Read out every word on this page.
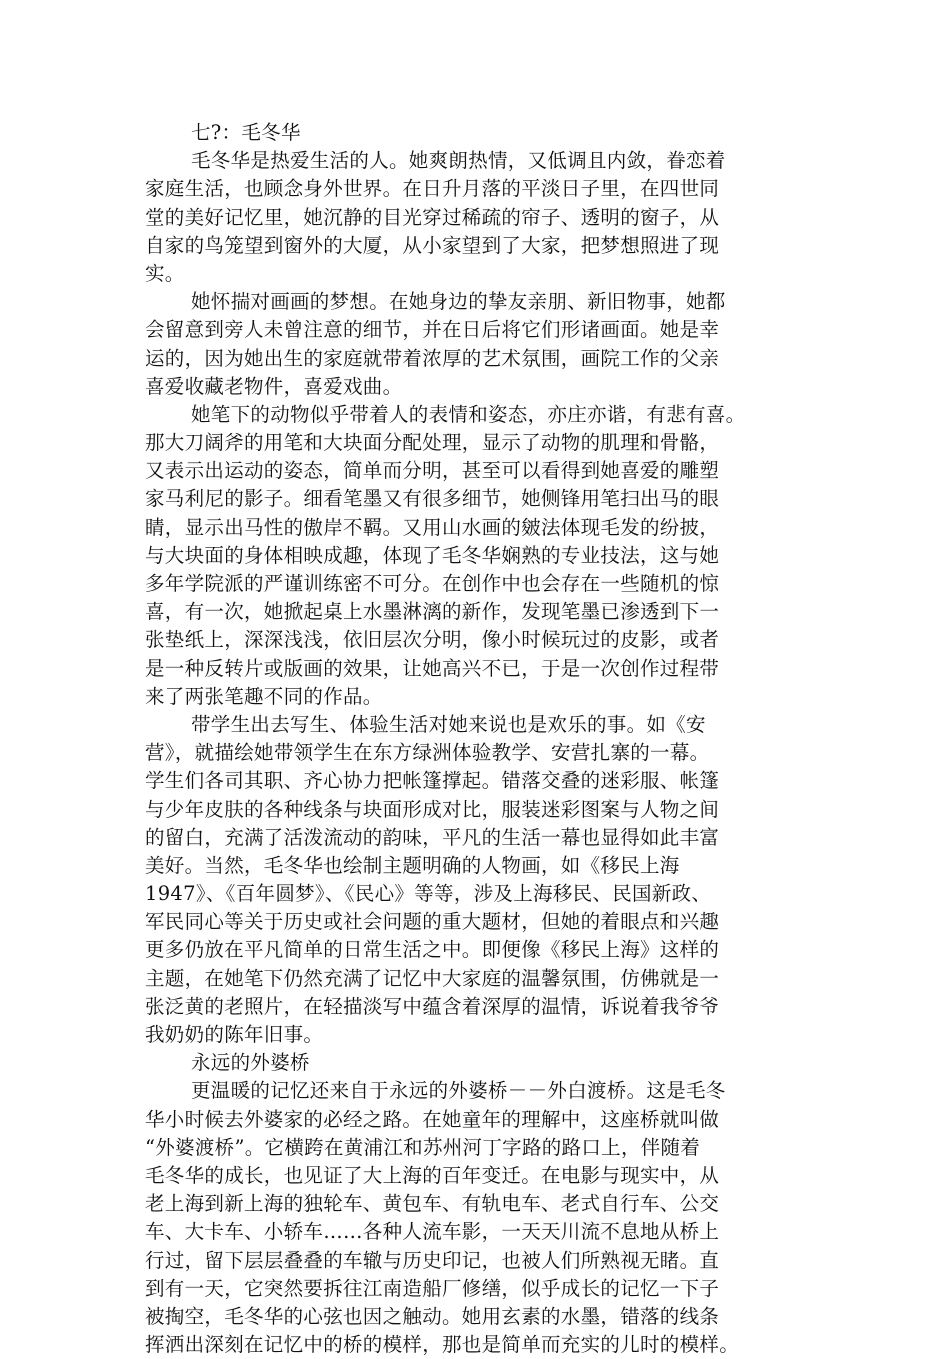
七?：毛冬华

毛冬华是热爱生活的人。她爽朗热情，又低调且内敛，眷恋着

家庭生活，也顾念身外世界。在日升月落的平淡日子里，在四世同

堂的美好记忆里，她沉静的目光穿过稀疏的帘子、透明的窗子，从

自家的鸟笼望到窗外的大厦，从小家望到了大家，把梦想照进了现

实。

她怀揣对画画的梦想。在她身边的挚友亲朋、新旧物事，她都

会留意到旁人未曾注意的细节，并在日后将它们形诸画面。她是幸

运的，因为她出生的家庭就带着浓厚的艺术氛围，画院工作的父亲

喜爱收藏老物件，喜爱戏曲。

她笔下的动物似乎带着人的表情和姿态，亦庄亦谐，有悲有喜。

那大刀阔斧的用笔和大块面分配处理，显示了动物的肌理和骨骼，

又表示出运动的姿态，简单而分明，甚至可以看得到她喜爱的雕塑

家马利尼的影子。细看笔墨又有很多细节，她侧锋用笔扫出马的眼

睛，显示出马性的傲岸不羁。又用山水画的皴法体现毛发的纷披，

与大块面的身体相映成趣，体现了毛冬华娴熟的专业技法，这与她

多年学院派的严谨训练密不可分。在创作中也会存在一些随机的惊

喜，有一次，她掀起桌上水墨淋漓的新作，发现笔墨已渗透到下一

张垫纸上，深深浅浅，依旧层次分明，像小时候玩过的皮影，或者

是一种反转片或版画的效果，让她高兴不已，于是一次创作过程带

来了两张笔趣不同的作品。

带学生出去写生、体验生活对她来说也是欢乐的事。如《安

营》，就描绘她带领学生在东方绿洲体验教学、安营扎寨的一幕。

学生们各司其职、齐心协力把帐篷撑起。错落交叠的迷彩服、帐篷

与少年皮肤的各种线条与块面形成对比，服装迷彩图案与人物之间

的留白，充满了活泼流动的韵味，平凡的生活一幕也显得如此丰富

美好。当然，毛冬华也绘制主题明确的人物画，如《移民上海

1947》、《百年圆梦》、《民心》等等，涉及上海移民、民国新政、

军民同心等关于历史或社会问题的重大题材，但她的着眼点和兴趣

更多仍放在平凡简单的日常生活之中。即便像《移民上海》这样的

主题，在她笔下仍然充满了记忆中大家庭的温馨氛围，仿佛就是一

张泛黄的老照片，在轻描淡写中蕴含着深厚的温情，诉说着我爷爷

我奶奶的陈年旧事。

永远的外婆桥

更温暖的记忆还来自于永远的外婆桥－－外白渡桥。这是毛冬

华小时候去外婆家的必经之路。在她童年的理解中，这座桥就叫做

“外婆渡桥”。它横跨在黄浦江和苏州河丁字路的路口上，伴随着

毛冬华的成长，也见证了大上海的百年变迁。在电影与现实中，从

老上海到新上海的独轮车、黄包车、有轨电车、老式自行车、公交

车、大卡车、小轿车……各种人流车影，一天天川流不息地从桥上

行过，留下层层叠叠的车辙与历史印记，也被人们所熟视无睹。直

到有一天，它突然要拆往江南造船厂修缮，似乎成长的记忆一下子

被掏空，毛冬华的心弦也因之触动。她用玄素的水墨，错落的线条

挥洒出深刻在记忆中的桥的模样，那也是简单而充实的儿时的模样。
